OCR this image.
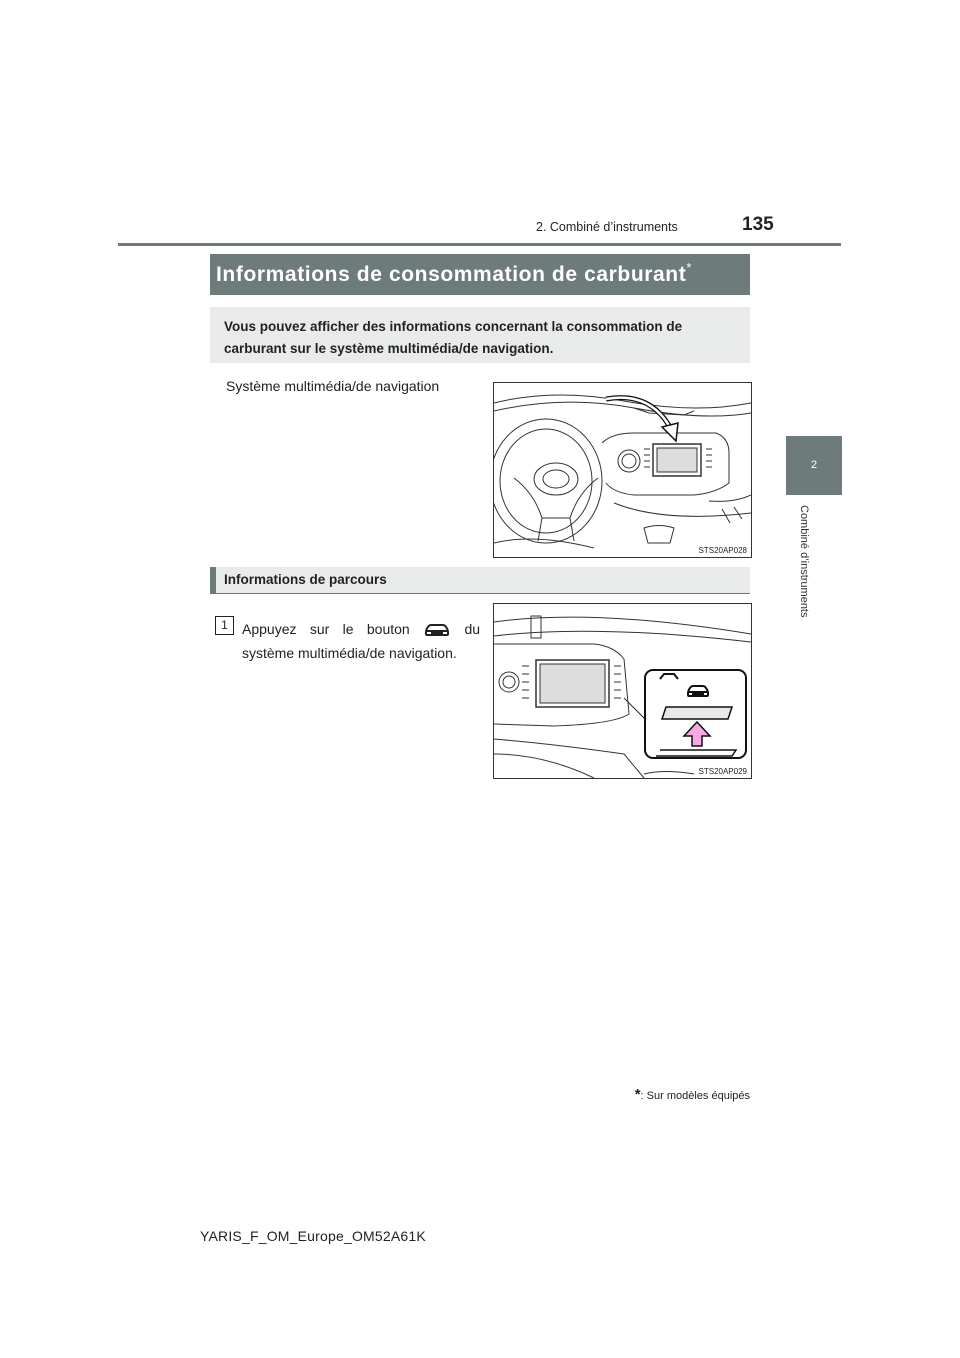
135
2. Combiné d’instruments
2
Combiné d’instruments
Informations de consommation de carburant*
Vous pouvez afficher des informations concernant la consommation de carburant sur le système multimédia/de navigation.
Système multimédia/de navigation
STS20AP028
Informations de parcours
1	Appuyez sur le bouton	du système multimédia/de navigation.
STS20AP029
*: Sur modèles équipés
YARIS_F_OM_Europe_OM52A61K
